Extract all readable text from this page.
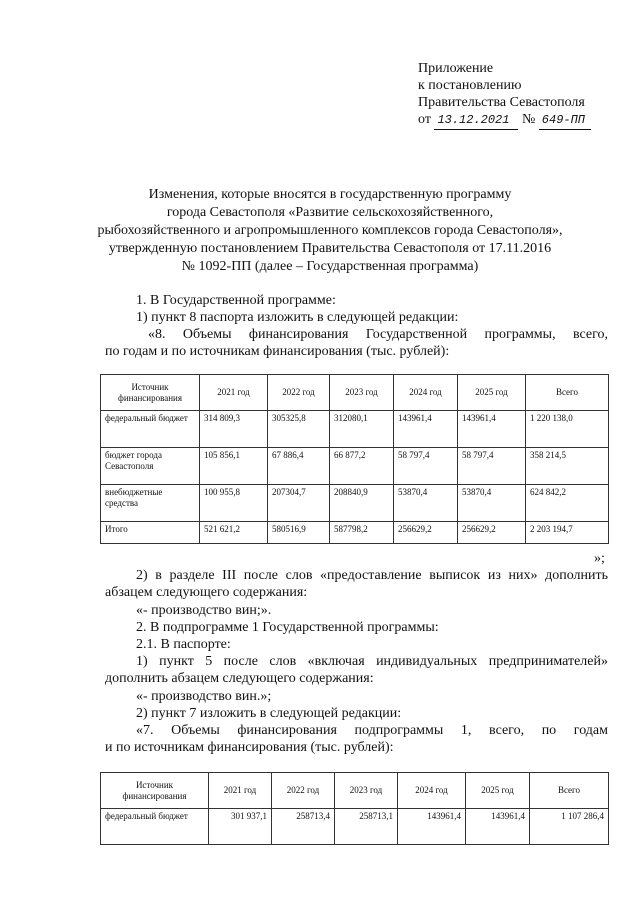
Приложение
к постановлению
Правительства Севастополя
от 13.12.2021 № 649-ПП
Изменения, которые вносятся в государственную программу
города Севастополя «Развитие сельскохозяйственного,
рыбохозяйственного и агропромышленного комплексов города Севастополя»,
утвержденную постановлением Правительства Севастополя от 17.11.2016
№ 1092-ПП (далее – Государственная программа)
1. В Государственной программе:
1) пункт 8 паспорта изложить в следующей редакции:
«8. Объемы финансирования Государственной программы, всего,
по годам и по источникам финансирования (тыс. рублей):
Источник финансирования	2021 год	2022 год	2023 год	2024 год	2025 год	Всего
федеральный бюджет	314 809,3	305325,8	312080,1	143961,4	143961,4	1 220 138,0
бюджет города Севастополя	105 856,1	67 886,4	66 877,2	58 797,4	58 797,4	358 214,5
внебюджетные средства	100 955,8	207304,7	208840,9	53870,4	53870,4	624 842,2
Итого	521 621,2	580516,9	587798,2	256629,2	256629,2	2 203 194,7
»;
2) в разделе III после слов «предоставление выписок из них» дополнить
абзацем следующего содержания:
«- производство вин;».
2. В подпрограмме 1 Государственной программы:
2.1. В паспорте:
1) пункт 5 после слов «включая индивидуальных предпринимателей»
дополнить абзацем следующего содержания:
«- производство вин.»;
2) пункт 7 изложить в следующей редакции:
«7. Объемы финансирования подпрограммы 1, всего, по годам
и по источникам финансирования (тыс. рублей):
Источник финансирования	2021 год	2022 год	2023 год	2024 год	2025 год	Всего
федеральный бюджет	301 937,1	258713,4	258713,1	143961,4	143961,4	1 107 286,4
